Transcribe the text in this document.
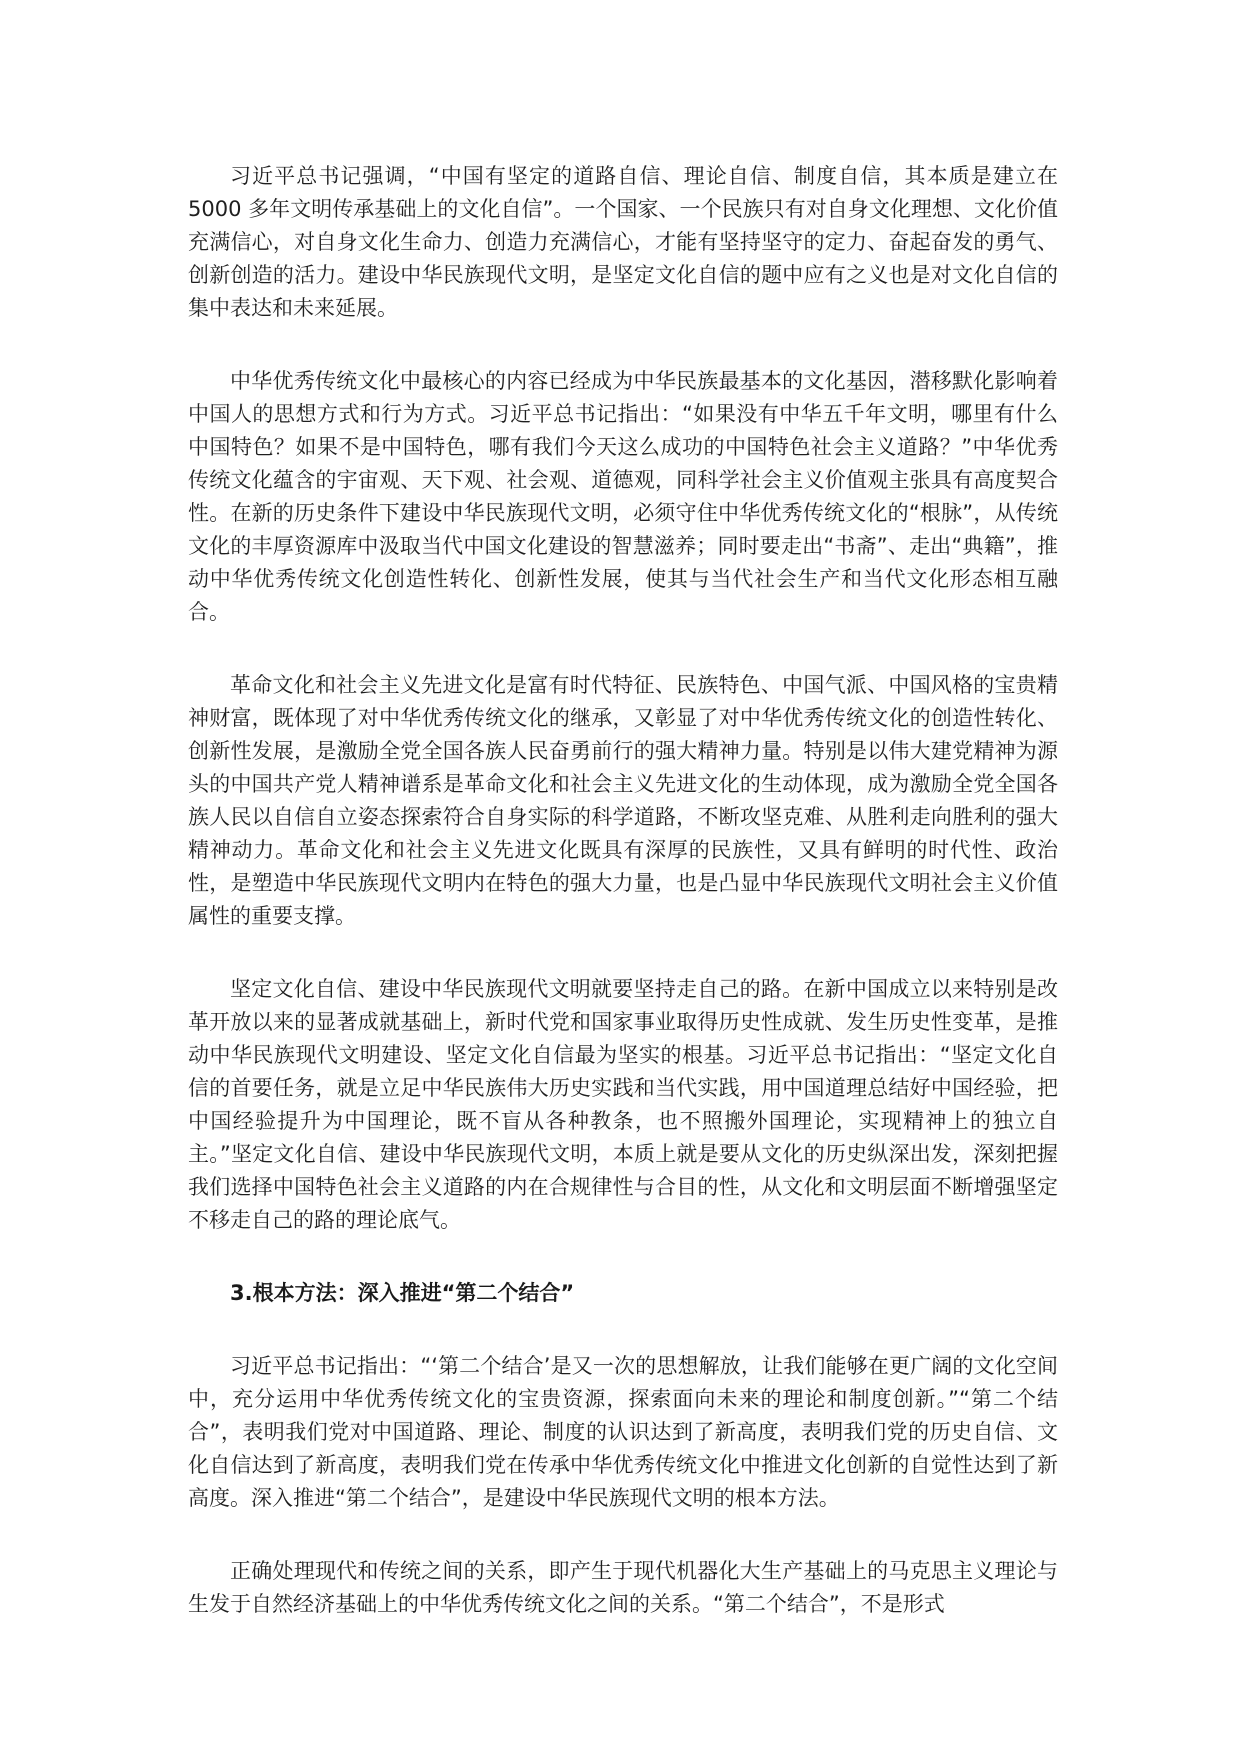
习近平总书记强调，“中国有坚定的道路自信、理论自信、制度自信，其本质是建立在 5000 多年文明传承基础上的文化自信”。一个国家、一个民族只有对自身文化理想、文化价值充满信心，对自身文化生命力、创造力充满信心，才能有坚持坚守的定力、奋起奋发的勇气、创新创造的活力。建设中华民族现代文明，是坚定文化自信的题中应有之义也是对文化自信的集中表达和未来延展。

中华优秀传统文化中最核心的内容已经成为中华民族最基本的文化基因，潜移默化影响着中国人的思想方式和行为方式。习近平总书记指出：“如果没有中华五千年文明，哪里有什么中国特色？如果不是中国特色，哪有我们今天这么成功的中国特色社会主义道路？”中华优秀传统文化蕴含的宇宙观、天下观、社会观、道德观，同科学社会主义价值观主张具有高度契合性。在新的历史条件下建设中华民族现代文明，必须守住中华优秀传统文化的“根脉”，从传统文化的丰厚资源库中汲取当代中国文化建设的智慧滋养；同时要走出“书斋”、走出“典籍”，推动中华优秀传统文化创造性转化、创新性发展，使其与当代社会生产和当代文化形态相互融合。

革命文化和社会主义先进文化是富有时代特征、民族特色、中国气派、中国风格的宝贵精神财富，既体现了对中华优秀传统文化的继承，又彰显了对中华优秀传统文化的创造性转化、创新性发展，是激励全党全国各族人民奋勇前行的强大精神力量。特别是以伟大建党精神为源头的中国共产党人精神谱系是革命文化和社会主义先进文化的生动体现，成为激励全党全国各族人民以自信自立姿态探索符合自身实际的科学道路，不断攻坚克难、从胜利走向胜利的强大精神动力。革命文化和社会主义先进文化既具有深厚的民族性，又具有鲜明的时代性、政治性，是塑造中华民族现代文明内在特色的强大力量，也是凸显中华民族现代文明社会主义价值属性的重要支撑。

坚定文化自信、建设中华民族现代文明就要坚持走自己的路。在新中国成立以来特别是改革开放以来的显著成就基础上，新时代党和国家事业取得历史性成就、发生历史性变革，是推动中华民族现代文明建设、坚定文化自信最为坚实的根基。习近平总书记指出：“坚定文化自信的首要任务，就是立足中华民族伟大历史实践和当代实践，用中国道理总结好中国经验，把中国经验提升为中国理论，既不盲从各种教条，也不照搬外国理论，实现精神上的独立自主。”坚定文化自信、建设中华民族现代文明，本质上就是要从文化的历史纵深出发，深刻把握我们选择中国特色社会主义道路的内在合规律性与合目的性，从文化和文明层面不断增强坚定不移走自己的路的理论底气。

3.根本方法：深入推进“第二个结合”

习近平总书记指出：“‘第二个结合’是又一次的思想解放，让我们能够在更广阔的文化空间中，充分运用中华优秀传统文化的宝贵资源，探索面向未来的理论和制度创新。”“第二个结合”，表明我们党对中国道路、理论、制度的认识达到了新高度，表明我们党的历史自信、文化自信达到了新高度，表明我们党在传承中华优秀传统文化中推进文化创新的自觉性达到了新高度。深入推进“第二个结合”，是建设中华民族现代文明的根本方法。

正确处理现代和传统之间的关系，即产生于现代机器化大生产基础上的马克思主义理论与生发于自然经济基础上的中华优秀传统文化之间的关系。“第二个结合”，不是形式
